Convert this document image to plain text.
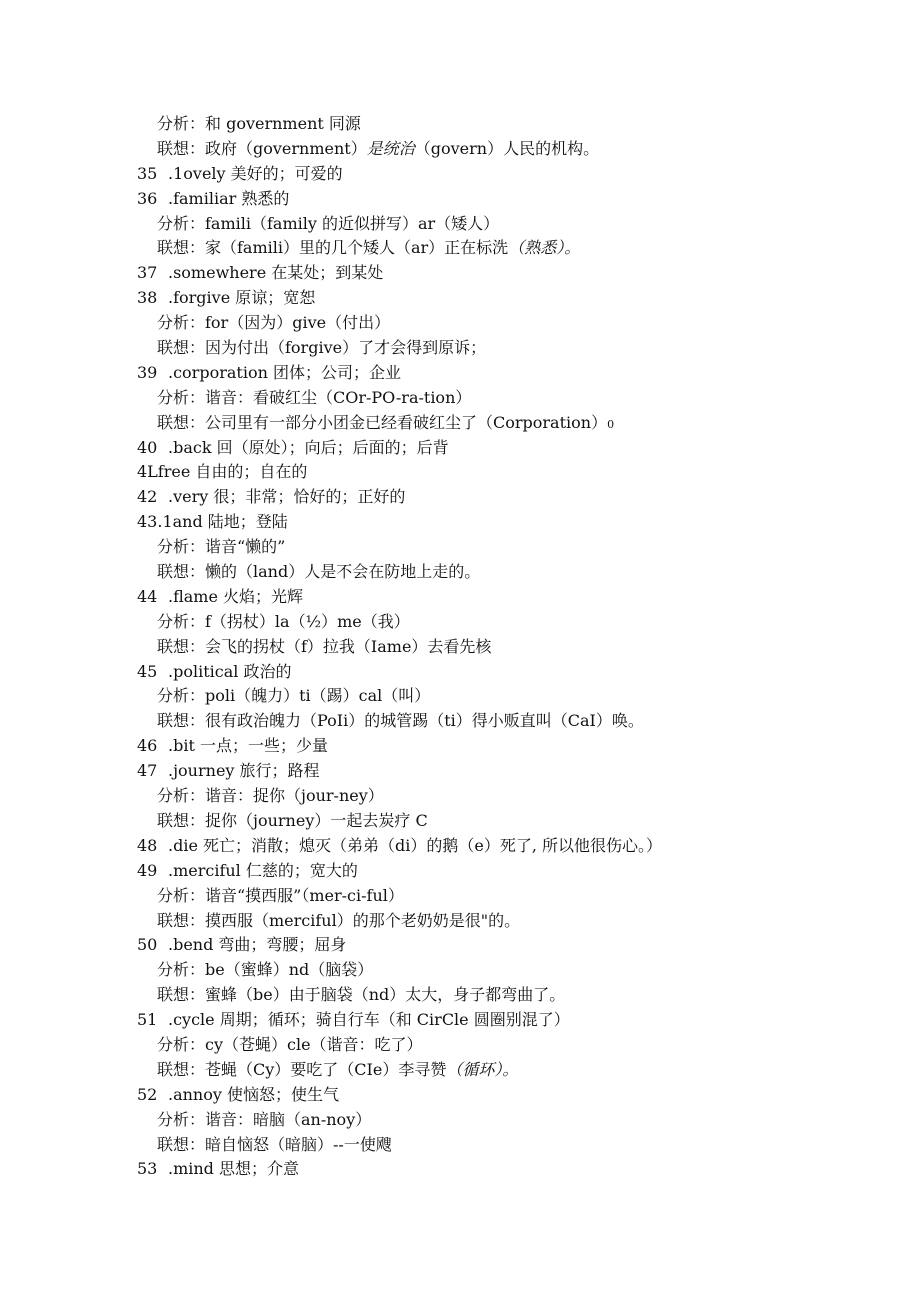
分析：和 government 同源
联想：政府（government）是统治（govern）人民的机构。
35 .1ovely 美好的；可爱的
36 .familiar 熟悉的
分析：famili（family 的近似拼写）ar（矮人）
联想：家（famili）里的几个矮人（ar）正在标洗（熟悉）。
37 .somewhere 在某处；到某处
38 .forgive 原谅；宽恕
分析：for（因为）give（付出）
联想：因为付出（forgive）了才会得到原诉；
39 .corporation 团体；公司；企业
分析：谐音：看破红尘（COr-PO-ra-tion）
联想：公司里有一部分小团金已经看破红尘了（Corporation）0
40 .back 回（原处）；向后；后面的；后背
4Lfree 自由的；自在的
42 .very 很；非常；恰好的；正好的
43.1and 陆地；登陆
分析：谐音“懒的”
联想：懒的（land）人是不会在防地上走的。
44 .flame 火焰；光辉
分析：f（拐杖）la（½）me（我）
联想：会飞的拐杖（f）拉我（Iame）去看先核
45 .political 政治的
分析：poli（魄力）ti（踢）cal（叫）
联想：很有政治魄力（PoIi）的城管踢（ti）得小贩直叫（CaI）唤。
46 .bit 一点；一些；少量
47 .journey 旅行；路程
分析：谐音：捉你（jour-ney）
联想：捉你（journey）一起去炭疗 C
48 .die 死亡；消散；熄灭（弟弟（di）的鹅（e）死了, 所以他很伤心。）
49 .merciful 仁慈的；宽大的
分析：谐音“摸西服”（mer-ci-ful）
联想：摸西服（merciful）的那个老奶奶是很"的。
50 .bend 弯曲；弯腰；屈身
分析：be（蜜蜂）nd（脑袋）
联想：蜜蜂（be）由于脑袋（nd）太大，身子都弯曲了。
51 .cycle 周期；循环；骑自行车（和 CirCle 圆圈别混了）
分析：cy（苍蝇）cle（谐音：吃了）
联想：苍蝇（Cy）要吃了（CIe）李寻赞（循环）。
52 .annoy 使恼怒；使生气
分析：谐音：暗脑（an-noy）
联想：暗自恼怒（暗脑）--一使飕
53 .mind 思想；介意
